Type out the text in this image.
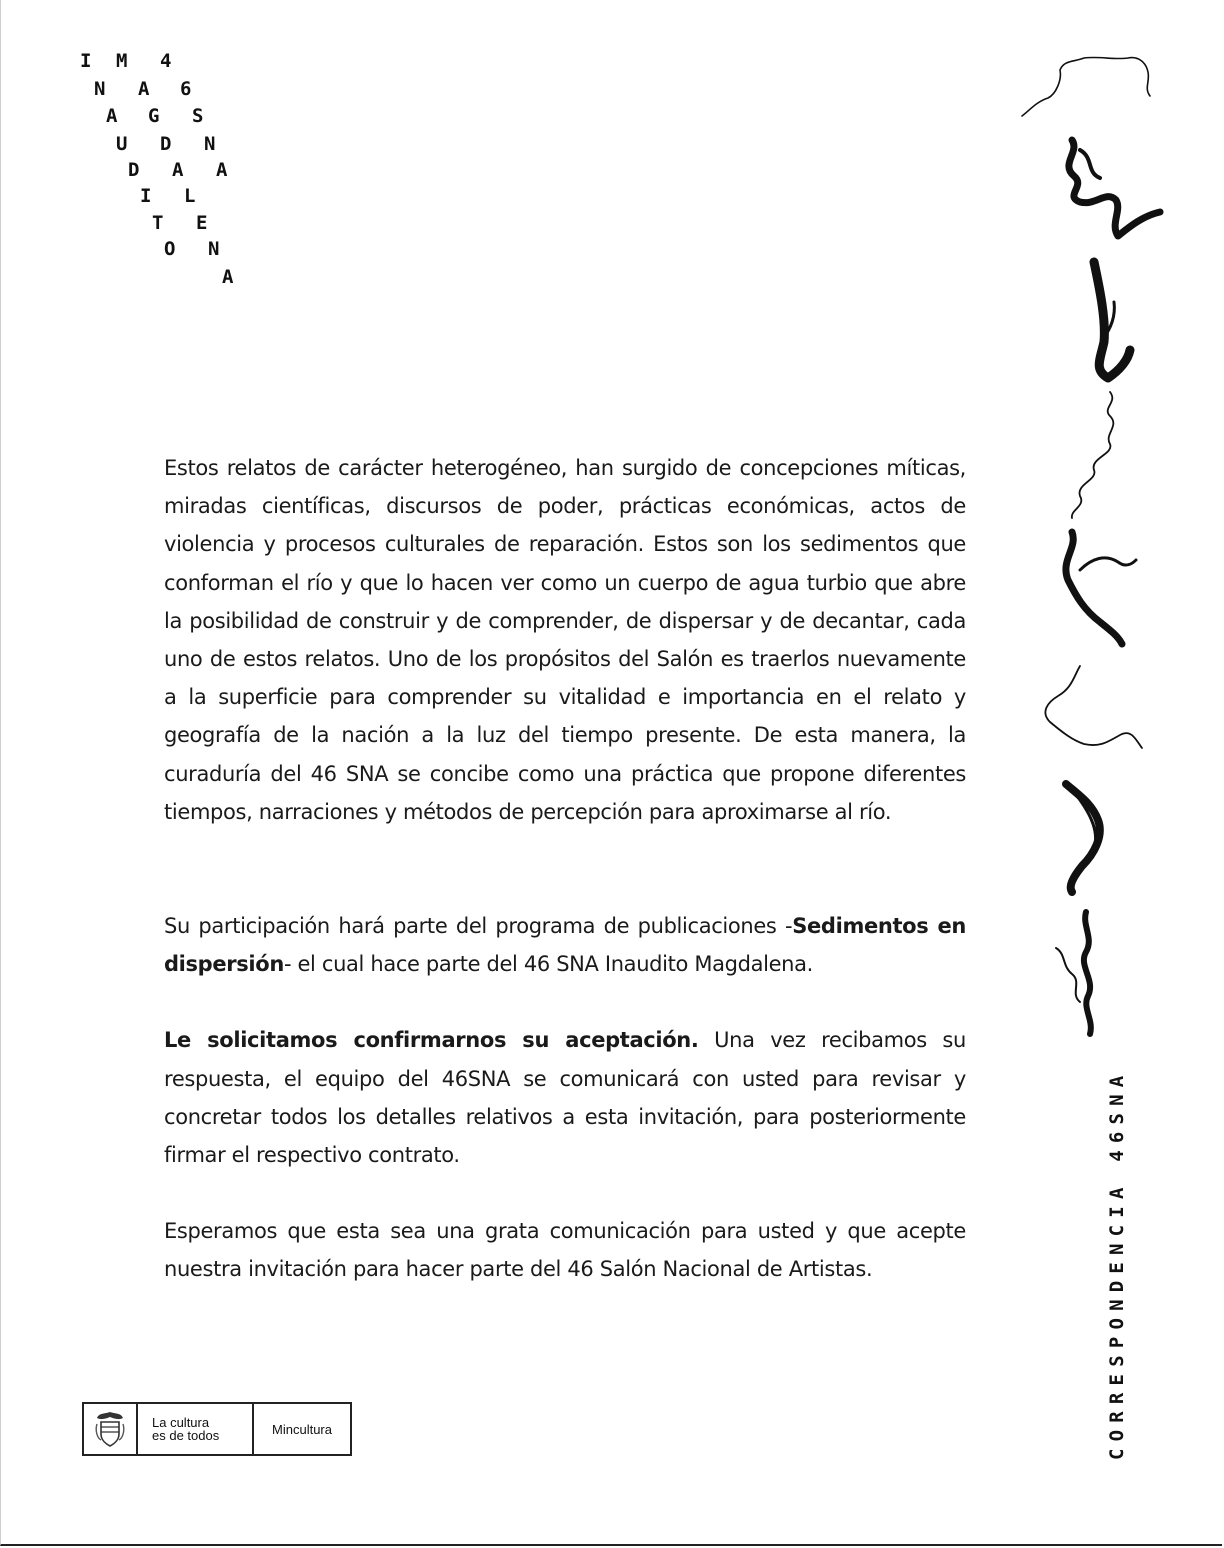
I M 4
N A 6
A G S
U D N
D A A
I L
T E
O N
A

Estos relatos de carácter heterogéneo, han surgido de concepciones míticas, miradas científicas, discursos de poder, prácticas económicas, actos de violencia y procesos culturales de reparación. Estos son los sedimentos que conforman el río y que lo hacen ver como un cuerpo de agua turbio que abre la posibilidad de construir y de comprender, de dispersar y de decantar, cada uno de estos relatos. Uno de los propósitos del Salón es traerlos nuevamente a la superficie para comprender su vitalidad e importancia en el relato y geografía de la nación a la luz del tiempo presente. De esta manera, la curaduría del 46 SNA se concibe como una práctica que propone diferentes tiempos, narraciones y métodos de percepción para aproximarse al río.

Su participación hará parte del programa de publicaciones -Sedimentos en dispersión- el cual hace parte del 46 SNA Inaudito Magdalena.

Le solicitamos confirmarnos su aceptación. Una vez recibamos su respuesta, el equipo del 46SNA se comunicará con usted para revisar y concretar todos los detalles relativos a esta invitación, para posteriormente firmar el respectivo contrato.

Esperamos que esta sea una grata comunicación para usted y que acepte nuestra invitación para hacer parte del 46 Salón Nacional de Artistas.	CORRESPONDENCIA 46SNA
La cultura
es de todos	Mincultura
